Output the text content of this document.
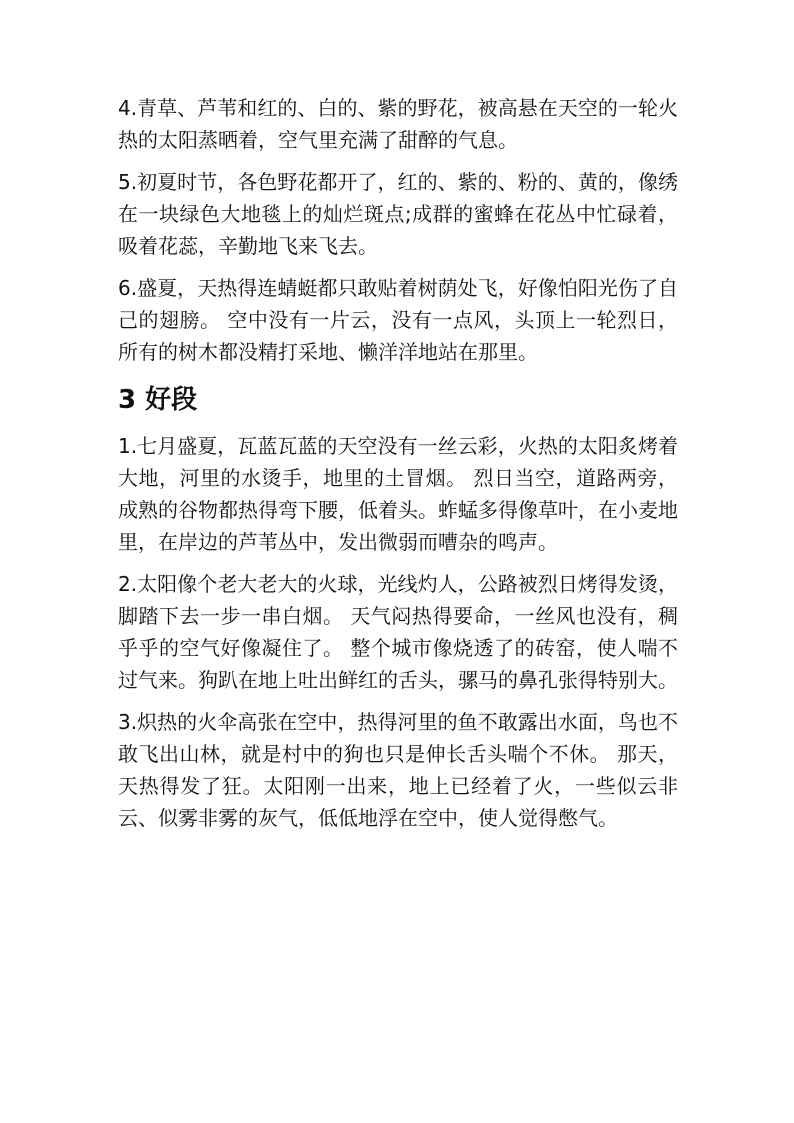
4.青草、芦苇和红的、白的、紫的野花，被高悬在天空的一轮火热的太阳蒸晒着，空气里充满了甜醉的气息。

5.初夏时节，各色野花都开了，红的、紫的、粉的、黄的，像绣在一块绿色大地毯上的灿烂斑点;成群的蜜蜂在花丛中忙碌着，吸着花蕊，辛勤地飞来飞去。

6.盛夏，天热得连蜻蜓都只敢贴着树荫处飞，好像怕阳光伤了自己的翅膀。 空中没有一片云，没有一点风，头顶上一轮烈日，所有的树木都没精打采地、懒洋洋地站在那里。

3 好段

1.七月盛夏，瓦蓝瓦蓝的天空没有一丝云彩，火热的太阳炙烤着大地，河里的水烫手，地里的土冒烟。 烈日当空，道路两旁，成熟的谷物都热得弯下腰，低着头。蚱蜢多得像草叶，在小麦地里，在岸边的芦苇丛中，发出微弱而嘈杂的鸣声。

2.太阳像个老大老大的火球，光线灼人，公路被烈日烤得发烫，脚踏下去一步一串白烟。 天气闷热得要命，一丝风也没有，稠乎乎的空气好像凝住了。 整个城市像烧透了的砖窑，使人喘不过气来。狗趴在地上吐出鲜红的舌头，骡马的鼻孔张得特别大。

3.炽热的火伞高张在空中，热得河里的鱼不敢露出水面，鸟也不敢飞出山林，就是村中的狗也只是伸长舌头喘个不休。 那天，天热得发了狂。太阳刚一出来，地上已经着了火，一些似云非云、似雾非雾的灰气，低低地浮在空中，使人觉得憋气。
